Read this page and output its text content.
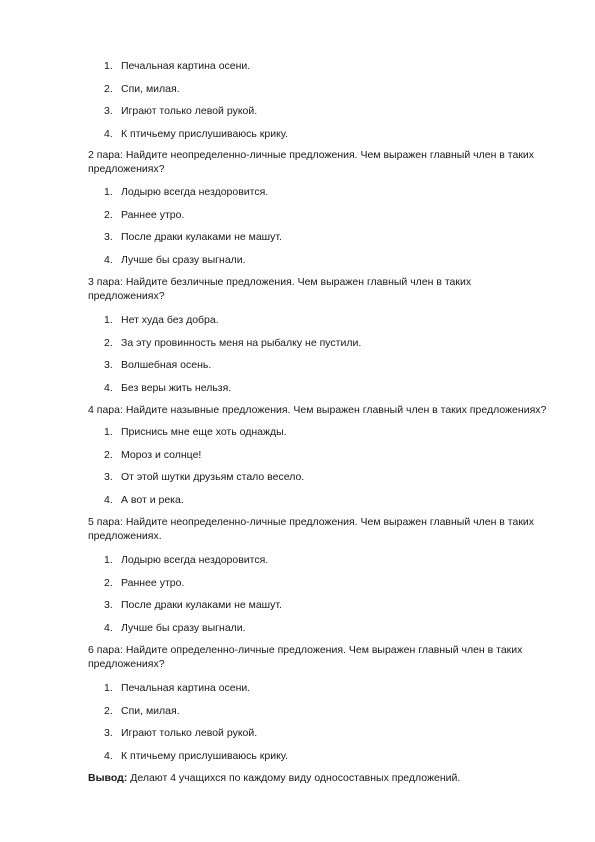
1. Печальная картина осени.
2. Спи, милая.
3. Играют только левой рукой.
4. К птичьему прислушиваюсь крику.
2 пара: Найдите неопределенно-личные предложения. Чем выражен главный член в таких предложениях?
1. Лодырю всегда нездоровится.
2. Раннее утро.
3. После драки кулаками не машут.
4. Лучше бы сразу выгнали.
3 пара: Найдите безличные предложения. Чем выражен главный член в таких предложениях?
1. Нет худа без добра.
2. За эту провинность меня на рыбалку не пустили.
3. Волшебная осень.
4. Без веры жить нельзя.
4 пара: Найдите назывные предложения. Чем выражен главный член в таких предложениях?
1. Приснись мне еще хоть однажды.
2. Мороз и солнце!
3. От этой шутки друзьям стало весело.
4. А вот и река.
5 пара: Найдите неопределенно-личные предложения. Чем выражен главный член в таких предложениях.
1. Лодырю всегда нездоровится.
2. Раннее утро.
3. После драки кулаками не машут.
4. Лучше бы сразу выгнали.
6 пара: Найдите определенно-личные предложения. Чем выражен главный член в таких предложениях?
1. Печальная картина осени.
2. Спи, милая.
3. Играют только левой рукой.
4. К птичьему прислушиваюсь крику.
Вывод: Делают 4 учащихся по каждому виду односоставных предложений.
